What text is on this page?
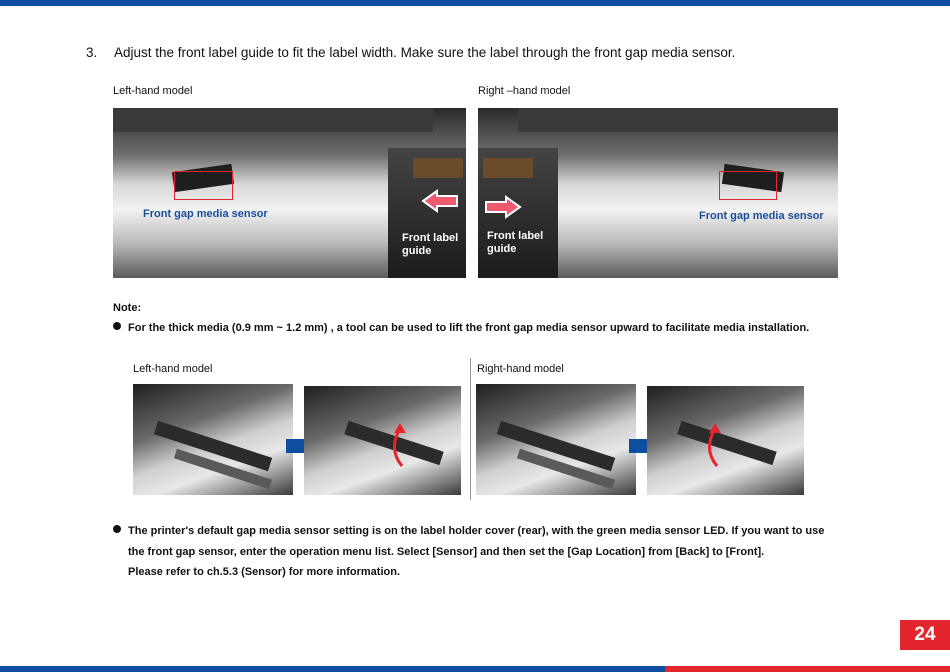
3. Adjust the front label guide to fit the label width. Make sure the label through the front gap media sensor.
Left-hand model	Right –hand model
Front gap media sensor
Front label
guide
Front gap media sensor
Front label
guide
Note:
For the thick media (0.9 mm ~ 1.2 mm) , a tool can be used to lift the front gap media sensor upward to facilitate media installation.
Left-hand model	Right-hand model
The printer's default gap media sensor setting is on the label holder cover (rear), with the green media sensor LED. If you want to use
the front gap sensor, enter the operation menu list. Select [Sensor] and then set the [Gap Location] from [Back] to [Front].
Please refer to ch.5.3 (Sensor) for more information.
24
